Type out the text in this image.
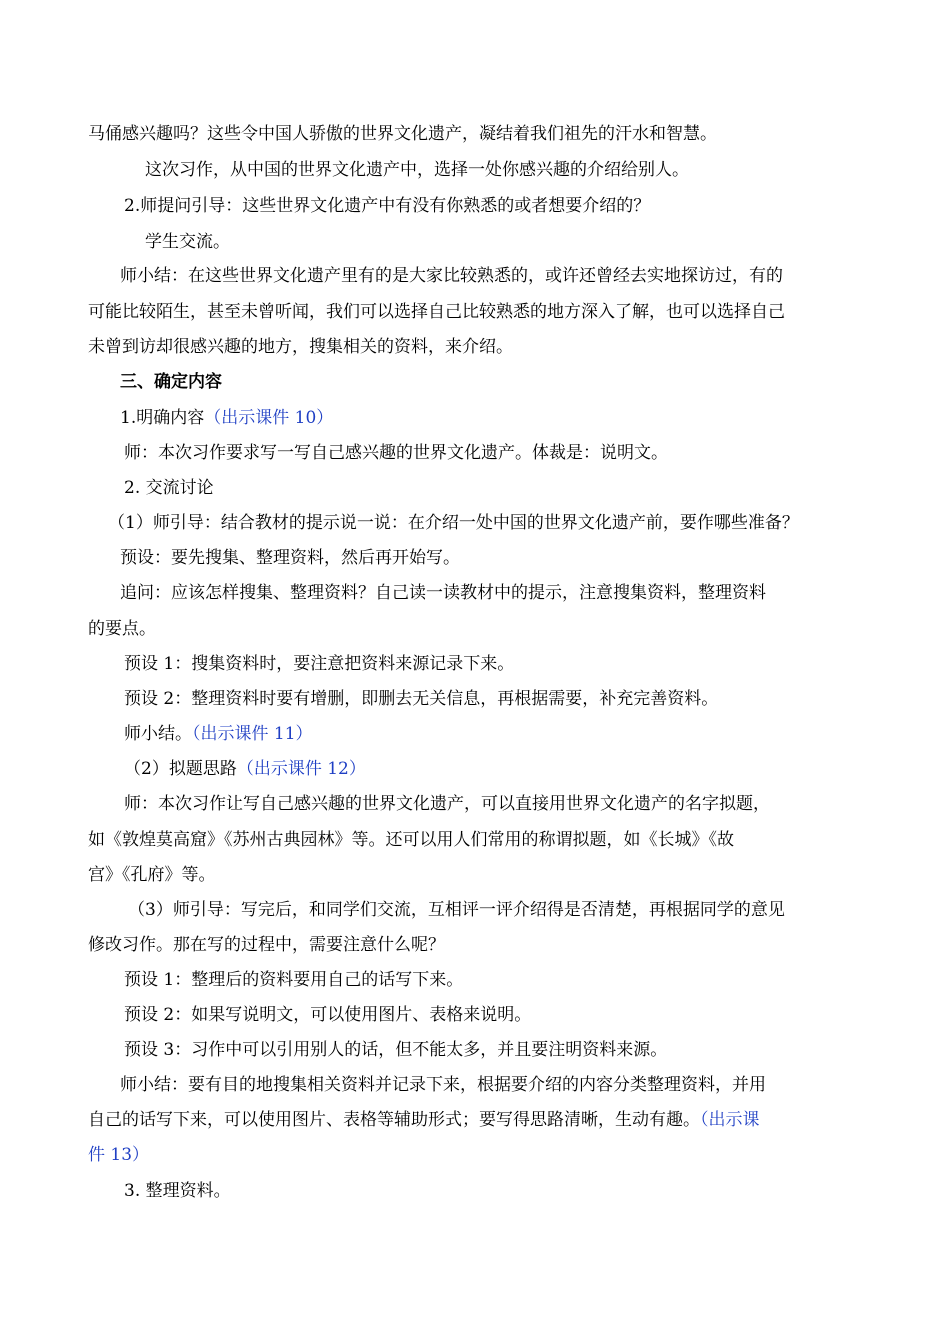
马俑感兴趣吗？这些令中国人骄傲的世界文化遗产，凝结着我们祖先的汗水和智慧。
这次习作，从中国的世界文化遗产中，选择一处你感兴趣的介绍给别人。
2.师提问引导：这些世界文化遗产中有没有你熟悉的或者想要介绍的？
学生交流。
师小结：在这些世界文化遗产里有的是大家比较熟悉的，或许还曾经去实地探访过，有的
可能比较陌生，甚至未曾听闻，我们可以选择自己比较熟悉的地方深入了解，也可以选择自己
未曾到访却很感兴趣的地方，搜集相关的资料，来介绍。
三、确定内容
1.明确内容（出示课件 10）
师：本次习作要求写一写自己感兴趣的世界文化遗产。体裁是：说明文。
2. 交流讨论
（1）师引导：结合教材的提示说一说：在介绍一处中国的世界文化遗产前，要作哪些准备？
预设：要先搜集、整理资料，然后再开始写。
追问：应该怎样搜集、整理资料？自己读一读教材中的提示，注意搜集资料，整理资料
的要点。
预设 1：搜集资料时，要注意把资料来源记录下来。
预设 2：整理资料时要有增删，即删去无关信息，再根据需要，补充完善资料。
师小结。（出示课件 11）
（2）拟题思路（出示课件 12）
师：本次习作让写自己感兴趣的世界文化遗产，可以直接用世界文化遗产的名字拟题，
如《敦煌莫高窟》《苏州古典园林》等。还可以用人们常用的称谓拟题，如《长城》《故
宫》《孔府》等。
（3）师引导：写完后，和同学们交流，互相评一评介绍得是否清楚，再根据同学的意见
修改习作。那在写的过程中，需要注意什么呢？
预设 1：整理后的资料要用自己的话写下来。
预设 2：如果写说明文，可以使用图片、表格来说明。
预设 3：习作中可以引用别人的话，但不能太多，并且要注明资料来源。
师小结：要有目的地搜集相关资料并记录下来，根据要介绍的内容分类整理资料，并用
自己的话写下来，可以使用图片、表格等辅助形式；要写得思路清晰，生动有趣。（出示课
件 13）
3. 整理资料。
